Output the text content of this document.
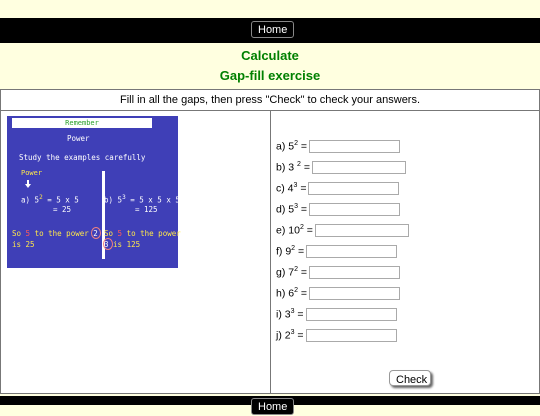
Home
Calculate
Gap-fill exercise
Fill in all the gaps, then press "Check" to check your answers.
Remember
Power
Study the examples carefully
Power
a) $5^2 = 5$ x 5
= 25
b) $5^3 = 5$ x 5 x 5
= 125
So 5 to the power 2
is 25
So 5 to the power
3 is 125
a) $5^2$ =
b) 3 $^2$ =
c) $4^3$ =
d) $5^3$ =
e) $10^2$ =
f) $9^2$ =
g) $7^2$ =
h) $6^2$ =
i) $3^3$ =
j) $2^3$ =
Check
Home
